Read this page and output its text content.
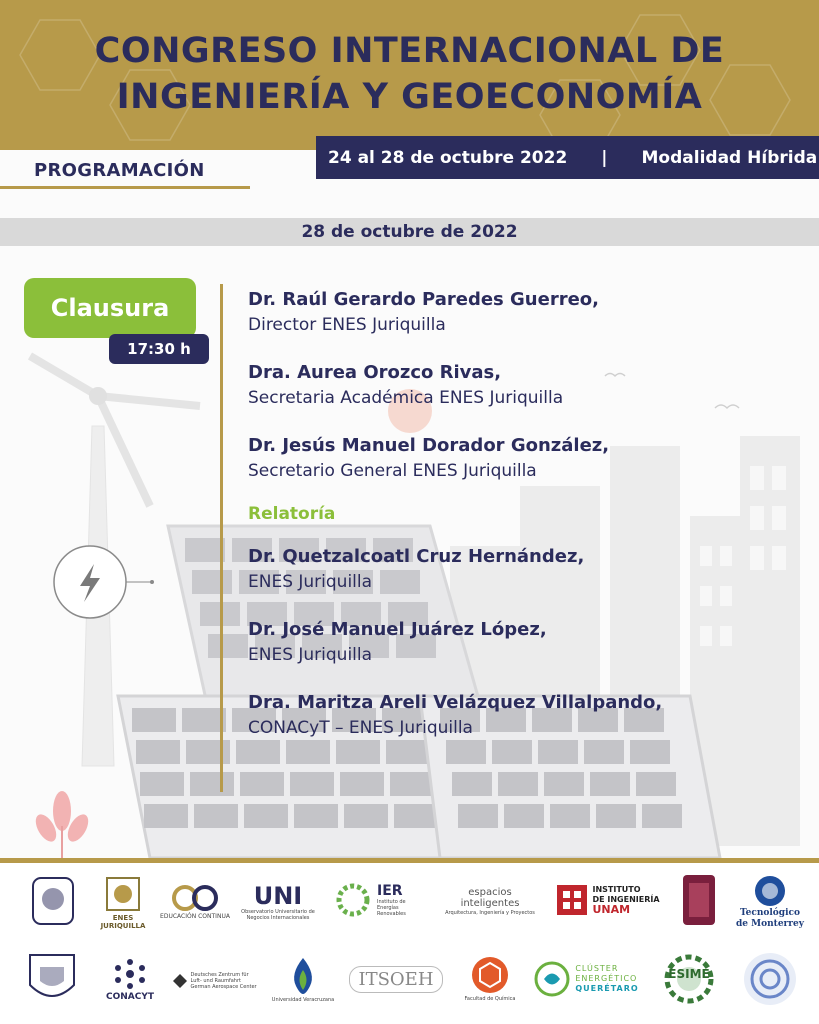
CONGRESO INTERNACIONAL DE
INGENIERÍA Y GEOECONOMÍA
24 al 28 de octubre 2022 | Modalidad Híbrida
PROGRAMACIÓN
28 de octubre de 2022
Clausura
17:30 h
Dr. Raúl Gerardo Paredes Guerreo,
Director ENES Juriquilla
Dra. Aurea Orozco Rivas,
Secretaria Académica ENES Juriquilla
Dr. Jesús Manuel Dorador González,
Secretario General ENES Juriquilla
Relatoría
Dr. Quetzalcoatl Cruz Hernández,
ENES Juriquilla
Dr. José Manuel Juárez López,
ENES Juriquilla
Dra. Maritza Areli Velázquez Villalpando,
CONACyT – ENES Juriquilla
ENES JURIQUILLA
EDUCACIÓN CONTINUA
UNI
Observatorio Universitario de Negocios Internacionales
IER
Instituto de Energías Renovables
espacios inteligentes
Arquitectura, Ingeniería y Proyectos
INSTITUTO
DE INGENIERÍA
UNAM	Tecnológico
de Monterrey
CONACYT
Deutsches Zentrum für Luft- und Raumfahrt
German Aerospace Center
Universidad Veracruzana
ITSOEH
Facultad de Química
CLÚSTER
ENERGÉTICO
QUERÉTARO
ESIME
